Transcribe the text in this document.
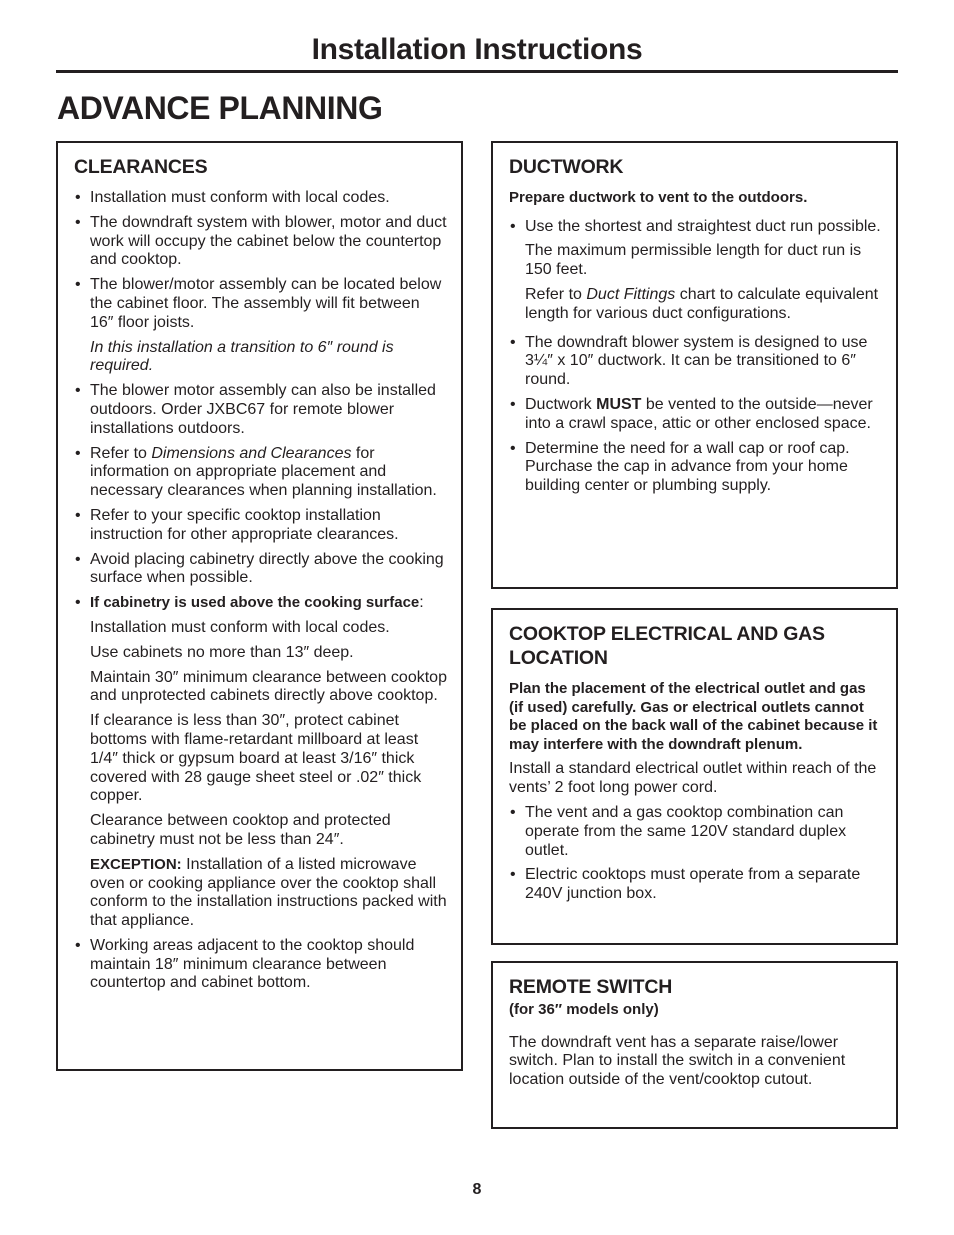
Installation Instructions
ADVANCE PLANNING
CLEARANCES
• Installation must conform with local codes.
• The downdraft system with blower, motor and duct work will occupy the cabinet below the countertop and cooktop.
• The blower/motor assembly can be located below the cabinet floor. The assembly will fit between 16″ floor joists.
In this installation a transition to 6″ round is required.
• The blower motor assembly can also be installed outdoors. Order JXBC67 for remote blower installations outdoors.
• Refer to Dimensions and Clearances for information on appropriate placement and necessary clearances when planning installation.
• Refer to your specific cooktop installation instruction for other appropriate clearances.
• Avoid placing cabinetry directly above the cooking surface when possible.
• If cabinetry is used above the cooking surface:
Installation must conform with local codes.
Use cabinets no more than 13″ deep.
Maintain 30″ minimum clearance between cooktop and unprotected cabinets directly above cooktop.
If clearance is less than 30″, protect cabinet bottoms with flame-retardant millboard at least 1/4″ thick or gypsum board at least 3/16″ thick covered with 28 gauge sheet steel or .02″ thick copper.
Clearance between cooktop and protected cabinetry must not be less than 24″.
EXCEPTION: Installation of a listed microwave oven or cooking appliance over the cooktop shall conform to the installation instructions packed with that appliance.
• Working areas adjacent to the cooktop should maintain 18″ minimum clearance between countertop and cabinet bottom.
DUCTWORK
Prepare ductwork to vent to the outdoors.
• Use the shortest and straightest duct run possible.
The maximum permissible length for duct run is 150 feet.
Refer to Duct Fittings chart to calculate equivalent length for various duct configurations.
• The downdraft blower system is designed to use 3¼″ x 10″ ductwork. It can be transitioned to 6″ round.
• Ductwork MUST be vented to the outside—never into a crawl space, attic or other enclosed space.
• Determine the need for a wall cap or roof cap. Purchase the cap in advance from your home building center or plumbing supply.
COOKTOP ELECTRICAL AND GAS LOCATION
Plan the placement of the electrical outlet and gas (if used) carefully. Gas or electrical outlets cannot be placed on the back wall of the cabinet because it may interfere with the downdraft plenum.

Install a standard electrical outlet within reach of the vents’ 2 foot long power cord.

• The vent and a gas cooktop combination can operate from the same 120V standard duplex outlet.
• Electric cooktops must operate from a separate 240V junction box.
REMOTE SWITCH
(for 36″ models only)

The downdraft vent has a separate raise/lower switch. Plan to install the switch in a convenient location outside of the vent/cooktop cutout.

8
